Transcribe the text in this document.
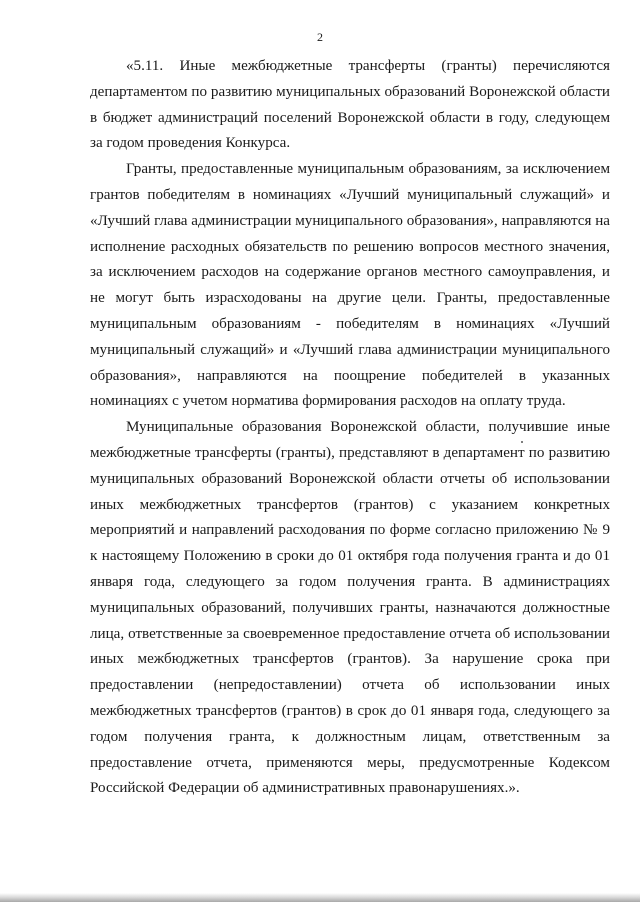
2

«5.11. Иные межбюджетные трансферты (гранты) перечисляются департаментом по развитию муниципальных образований Воронежской области в бюджет администраций поселений Воронежской области в году, следующем за годом проведения Конкурса.

Гранты, предоставленные муниципальным образованиям, за исключением грантов победителям в номинациях «Лучший муниципальный служащий» и «Лучший глава администрации муниципального образования», направляются на исполнение расходных обязательств по решению вопросов местного значения, за исключением расходов на содержание органов местного самоуправления, и не могут быть израсходованы на другие цели. Гранты, предоставленные муниципальным образованиям - победителям в номинациях «Лучший муниципальный служащий» и «Лучший глава администрации муниципального образования», направляются на поощрение победителей в указанных номинациях с учетом норматива формирования расходов на оплату труда.

Муниципальные образования Воронежской области, получившие иные межбюджетные трансферты (гранты), представляют в департамент по развитию муниципальных образований Воронежской области отчеты об использовании иных межбюджетных трансфертов (грантов) с указанием конкретных мероприятий и направлений расходования по форме согласно приложению № 9 к настоящему Положению в сроки до 01 октября года получения гранта и до 01 января года, следующего за годом получения гранта. В администрациях муниципальных образований, получивших гранты, назначаются должностные лица, ответственные за своевременное предоставление отчета об использовании иных межбюджетных трансфертов (грантов). За нарушение срока при предоставлении (непредоставлении) отчета об использовании иных межбюджетных трансфертов (грантов) в срок до 01 января года, следующего за годом получения гранта, к должностным лицам, ответственным за предоставление отчета, применяются меры, предусмотренные Кодексом Российской Федерации об административных правонарушениях.».
